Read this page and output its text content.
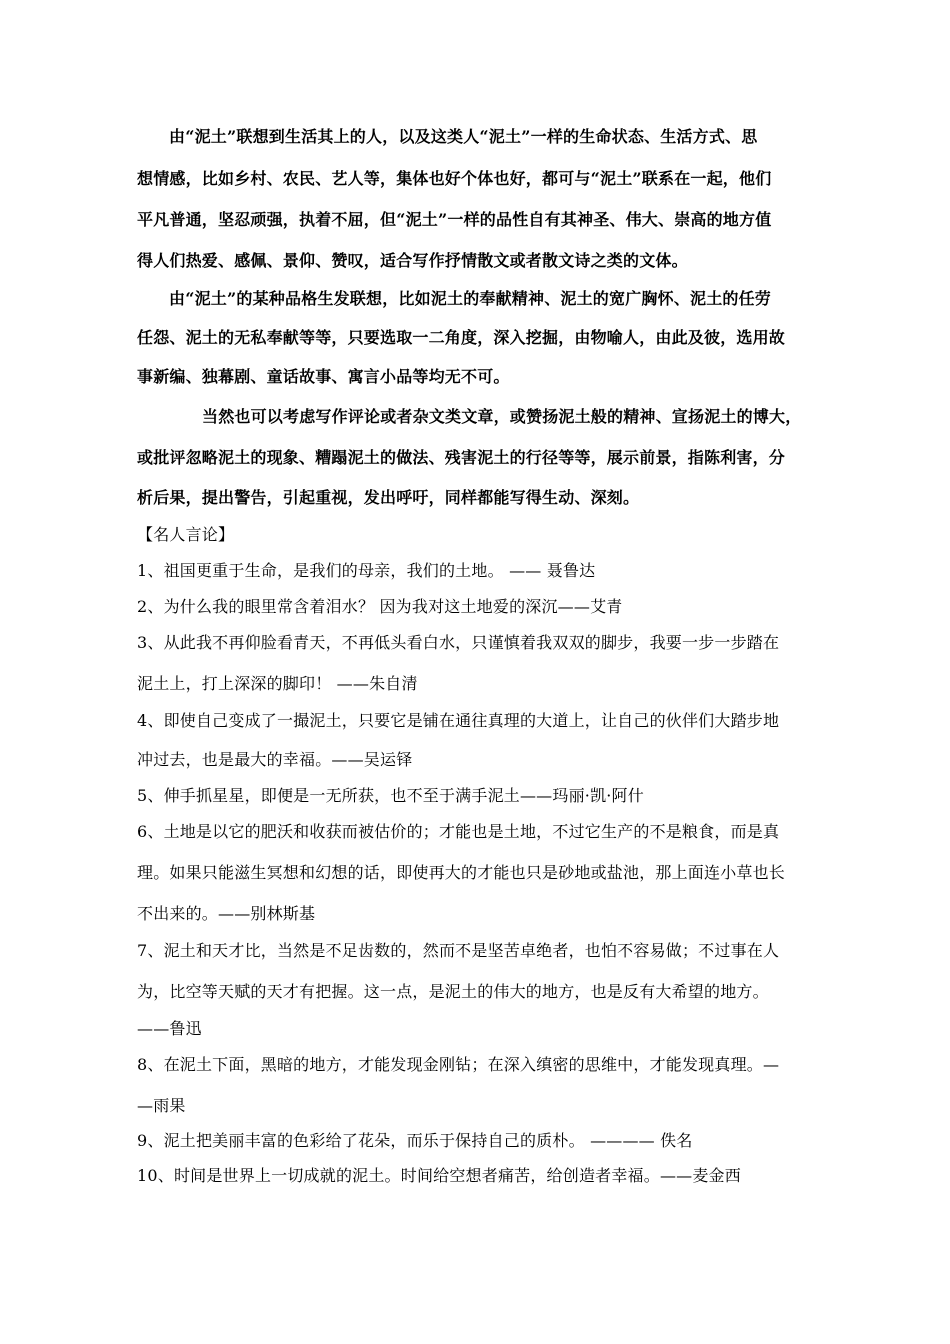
由“泥土”联想到生活其上的人，以及这类人“泥土”一样的生命状态、生活方式、思
想情感，比如乡村、农民、艺人等，集体也好个体也好，都可与“泥土”联系在一起，他们
平凡普通，坚忍顽强，执着不屈，但“泥土”一样的品性自有其神圣、伟大、崇高的地方值
得人们热爱、感佩、景仰、赞叹，适合写作抒情散文或者散文诗之类的文体。
由“泥土”的某种品格生发联想，比如泥土的奉献精神、泥土的宽广胸怀、泥土的任劳
任怨、泥土的无私奉献等等，只要选取一二角度，深入挖掘，由物喻人，由此及彼，选用故
事新编、独幕剧、童话故事、寓言小品等均无不可。
当然也可以考虑写作评论或者杂文类文章，或赞扬泥土般的精神、宣扬泥土的博大，
或批评忽略泥土的现象、糟蹋泥土的做法、残害泥土的行径等等，展示前景，指陈利害，分
析后果，提出警告，引起重视，发出呼吁，同样都能写得生动、深刻。
【名人言论】
1、祖国更重于生命，是我们的母亲，我们的土地。 —— 聂鲁达
2、为什么我的眼里常含着泪水？ 因为我对这土地爱的深沉——艾青
3、从此我不再仰脸看青天，不再低头看白水，只谨慎着我双双的脚步，我要一步一步踏在
泥土上，打上深深的脚印！ ——朱自清
4、即使自己变成了一撮泥土，只要它是铺在通往真理的大道上，让自己的伙伴们大踏步地
冲过去，也是最大的幸福。——吴运铎
5、伸手抓星星，即便是一无所获，也不至于满手泥土——玛丽·凯·阿什
6、土地是以它的肥沃和收获而被估价的；才能也是土地，不过它生产的不是粮食，而是真
理。如果只能滋生冥想和幻想的话，即使再大的才能也只是砂地或盐池，那上面连小草也长
不出来的。——别林斯基
7、泥土和天才比，当然是不足齿数的，然而不是坚苦卓绝者，也怕不容易做；不过事在人
为，比空等天赋的天才有把握。这一点，是泥土的伟大的地方，也是反有大希望的地方。
——鲁迅
8、在泥土下面，黑暗的地方，才能发现金刚钻；在深入缜密的思维中，才能发现真理。—
—雨果
9、泥土把美丽丰富的色彩给了花朵，而乐于保持自己的质朴。 ———— 佚名
10、时间是世界上一切成就的泥土。时间给空想者痛苦，给创造者幸福。——麦金西
